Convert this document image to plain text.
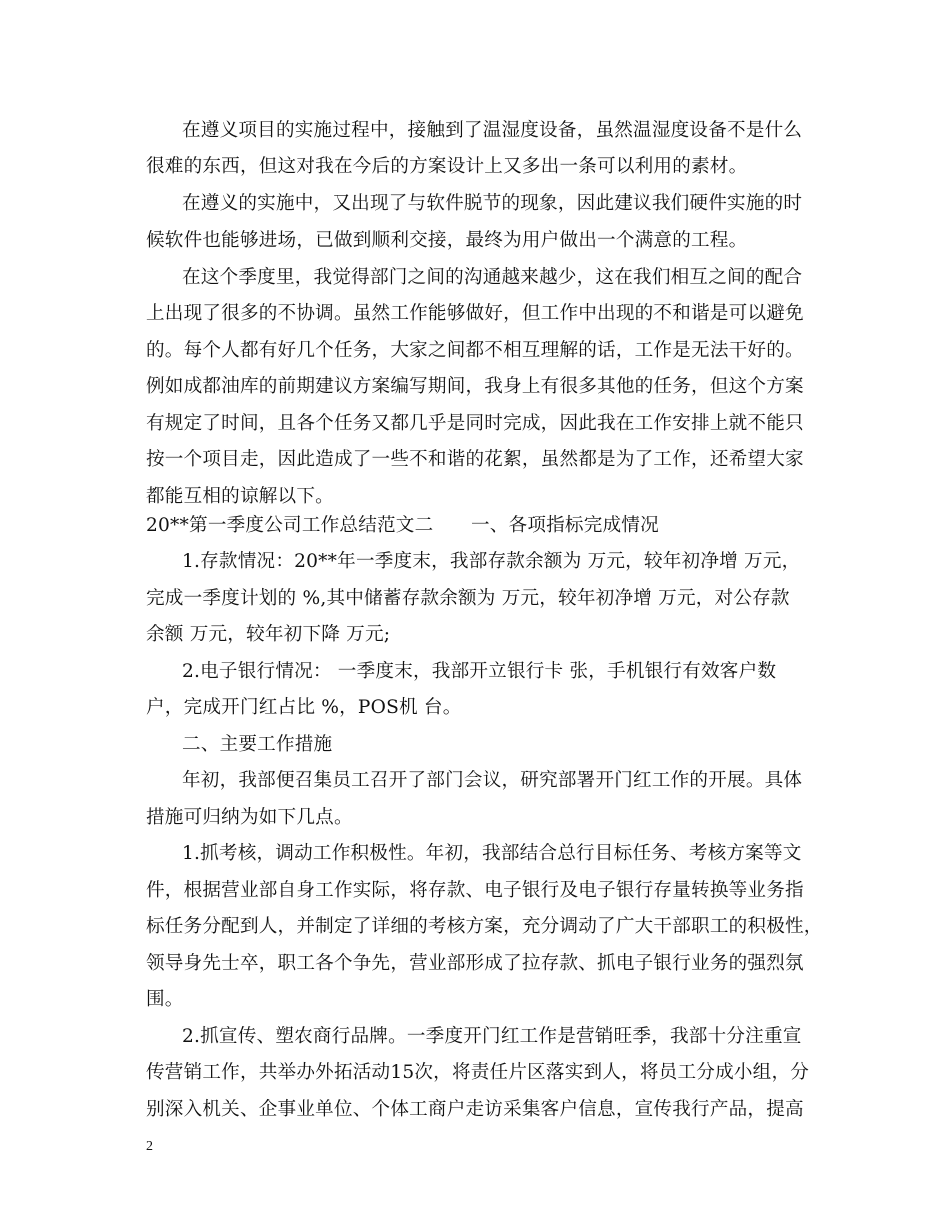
在遵义项目的实施过程中，接触到了温湿度设备，虽然温湿度设备不是什么
很难的东西，但这对我在今后的方案设计上又多出一条可以利用的素材。
在遵义的实施中，又出现了与软件脱节的现象，因此建议我们硬件实施的时
候软件也能够进场，已做到顺利交接，最终为用户做出一个满意的工程。
在这个季度里，我觉得部门之间的沟通越来越少，这在我们相互之间的配合
上出现了很多的不协调。虽然工作能够做好，但工作中出现的不和谐是可以避免
的。每个人都有好几个任务，大家之间都不相互理解的话，工作是无法干好的。
例如成都油库的前期建议方案编写期间，我身上有很多其他的任务，但这个方案
有规定了时间，且各个任务又都几乎是同时完成，因此我在工作安排上就不能只
按一个项目走，因此造成了一些不和谐的花絮，虽然都是为了工作，还希望大家
都能互相的谅解以下。
20**第一季度公司工作总结范文二　　一、各项指标完成情况
1.存款情况：20**年一季度末，我部存款余额为 万元，较年初净增 万元，
完成一季度计划的 %,其中储蓄存款余额为 万元，较年初净增 万元，对公存款
余额 万元，较年初下降 万元;
2.电子银行情况： 一季度末，我部开立银行卡 张，手机银行有效客户数
户，完成开门红占比 %，POS机 台。
二、主要工作措施
年初，我部便召集员工召开了部门会议，研究部署开门红工作的开展。具体
措施可归纳为如下几点。
1.抓考核，调动工作积极性。年初，我部结合总行目标任务、考核方案等文
件，根据营业部自身工作实际，将存款、电子银行及电子银行存量转换等业务指
标任务分配到人，并制定了详细的考核方案，充分调动了广大干部职工的积极性，
领导身先士卒，职工各个争先，营业部形成了拉存款、抓电子银行业务的强烈氛
围。
2.抓宣传、塑农商行品牌。一季度开门红工作是营销旺季，我部十分注重宣
传营销工作，共举办外拓活动15次，将责任片区落实到人，将员工分成小组，分
别深入机关、企事业单位、个体工商户走访采集客户信息，宣传我行产品，提高
2
